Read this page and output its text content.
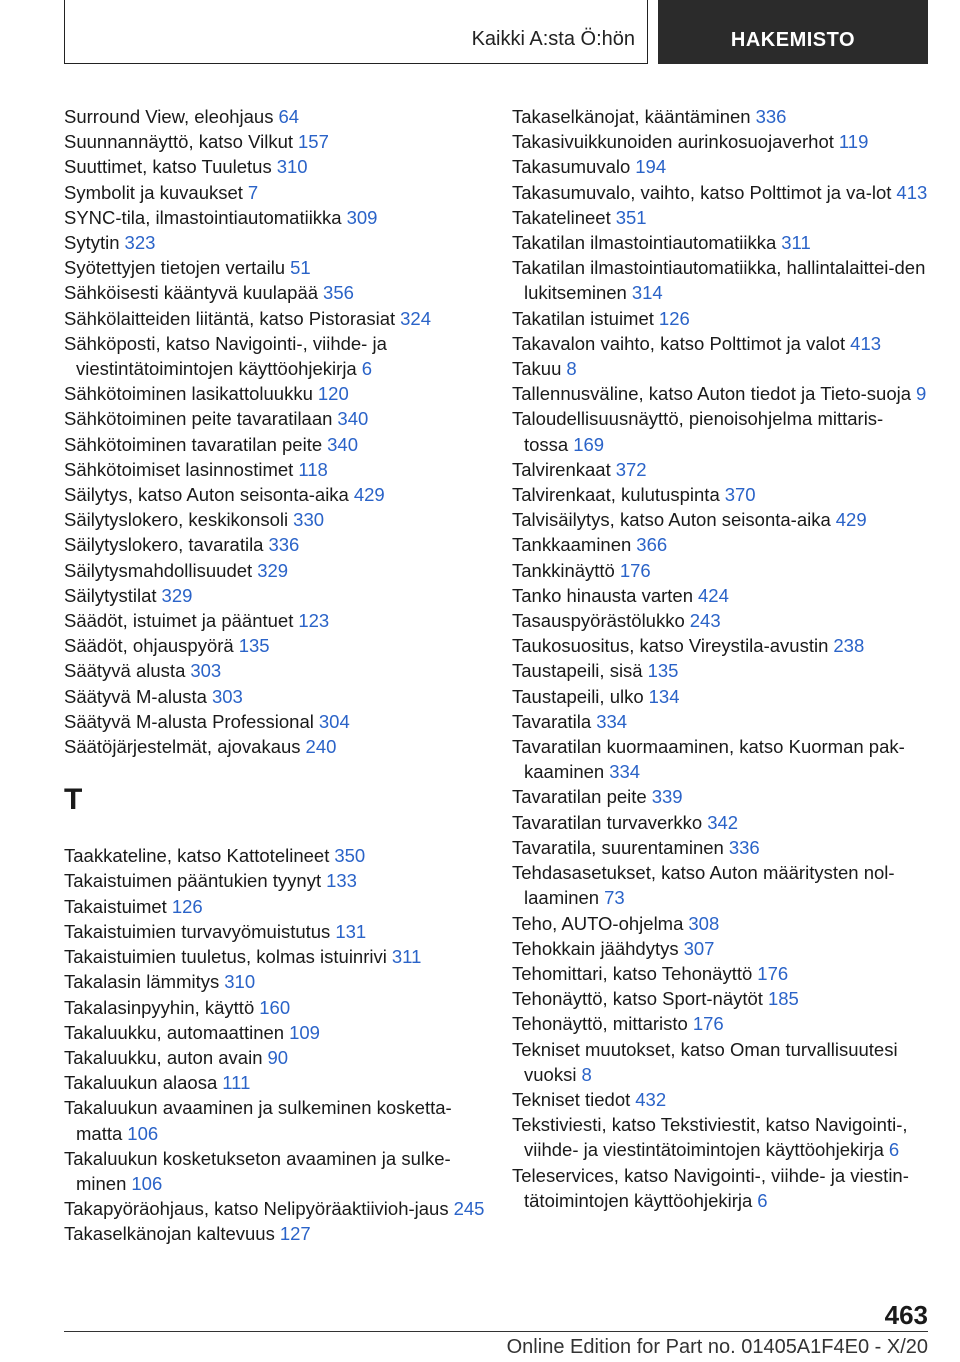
Kaikki A:sta Ö:hön	HAKEMISTO
Surround View, eleohjaus 64
Suunnannäyttö, katso Vilkut 157
Suuttimet, katso Tuuletus 310
Symbolit ja kuvaukset 7
SYNC-tila, ilmastointiautomatiikka 309
Sytytin 323
Syötettyjen tietojen vertailu 51
Sähköisesti kääntyvä kuulapää 356
Sähkölaitteiden liitäntä, katso Pistorasiat 324
Sähköposti, katso Navigointi-, viihde- ja viestintätoimintojen käyttöohjekirja 6
Sähkötoiminen lasikattoluukku 120
Sähkötoiminen peite tavaratilaan 340
Sähkötoiminen tavaratilan peite 340
Sähkötoimiset lasinnostimet 118
Säilytys, katso Auton seisonta-aika 429
Säilytyslokero, keskikonsoli 330
Säilytyslokero, tavaratila 336
Säilytysmahdollisuudet 329
Säilytystilat 329
Säädöt, istuimet ja pääntuet 123
Säädöt, ohjauspyörä 135
Säätyvä alusta 303
Säätyvä M-alusta 303
Säätyvä M-alusta Professional 304
Säätöjärjestelmät, ajovakaus 240
T
Taakkateline, katso Kattotelineet 350
Takaistuimen pääntukien tyynyt 133
Takaistuimet 126
Takaistuimien turvavyömuistutus 131
Takaistuimien tuuletus, kolmas istuinrivi 311
Takalasin lämmitys 310
Takalasinpyyhin, käyttö 160
Takaluukku, automaattinen 109
Takaluukku, auton avain 90
Takaluukun alaosa 111
Takaluukun avaaminen ja sulkeminen kosketta-matta 106
Takaluukun kosketukseton avaaminen ja sulke-minen 106
Takapyöräohjaus, katso Nelipyöräaktiivioh-jaus 245
Takaselkänojan kaltevuus 127
Takaselkänojat, kääntäminen 336
Takasivuikkunoiden aurinkosuojaverhot 119
Takasumuvalo 194
Takasumuvalo, vaihto, katso Polttimot ja va-lot 413
Takatelineet 351
Takatilan ilmastointiautomatiikka 311
Takatilan ilmastointiautomatiikka, hallintalaittei-den lukitseminen 314
Takatilan istuimet 126
Takavalon vaihto, katso Polttimot ja valot 413
Takuu 8
Tallennusväline, katso Auton tiedot ja Tieto-suoja 9
Taloudellisuusnäyttö, pienoisohjelma mittaris-tossa 169
Talvirenkaat 372
Talvirenkaat, kulutuspinta 370
Talvisäilytys, katso Auton seisonta-aika 429
Tankkaaminen 366
Tankkinäyttö 176
Tanko hinausta varten 424
Tasauspyörästölukko 243
Taukosuositus, katso Vireystila-avustin 238
Taustapeili, sisä 135
Taustapeili, ulko 134
Tavaratila 334
Tavaratilan kuormaaminen, katso Kuorman pak-kaaminen 334
Tavaratilan peite 339
Tavaratilan turvaverkko 342
Tavaratila, suurentaminen 336
Tehdasasetukset, katso Auton määritysten nol-laaminen 73
Teho, AUTO-ohjelma 308
Tehokkain jäähdytys 307
Tehomittari, katso Tehonäyttö 176
Tehonäyttö, katso Sport-näytöt 185
Tehonäyttö, mittaristo 176
Tekniset muutokset, katso Oman turvallisuutesi vuoksi 8
Tekniset tiedot 432
Tekstiviesti, katso Tekstiviestit, katso Navigointi-, viihde- ja viestintätoimintojen käyttöohjekirja 6
Teleservices, katso Navigointi-, viihde- ja viestin-tätoimintojen käyttöohjekirja 6
463
Online Edition for Part no. 01405A1F4E0 - X/20
